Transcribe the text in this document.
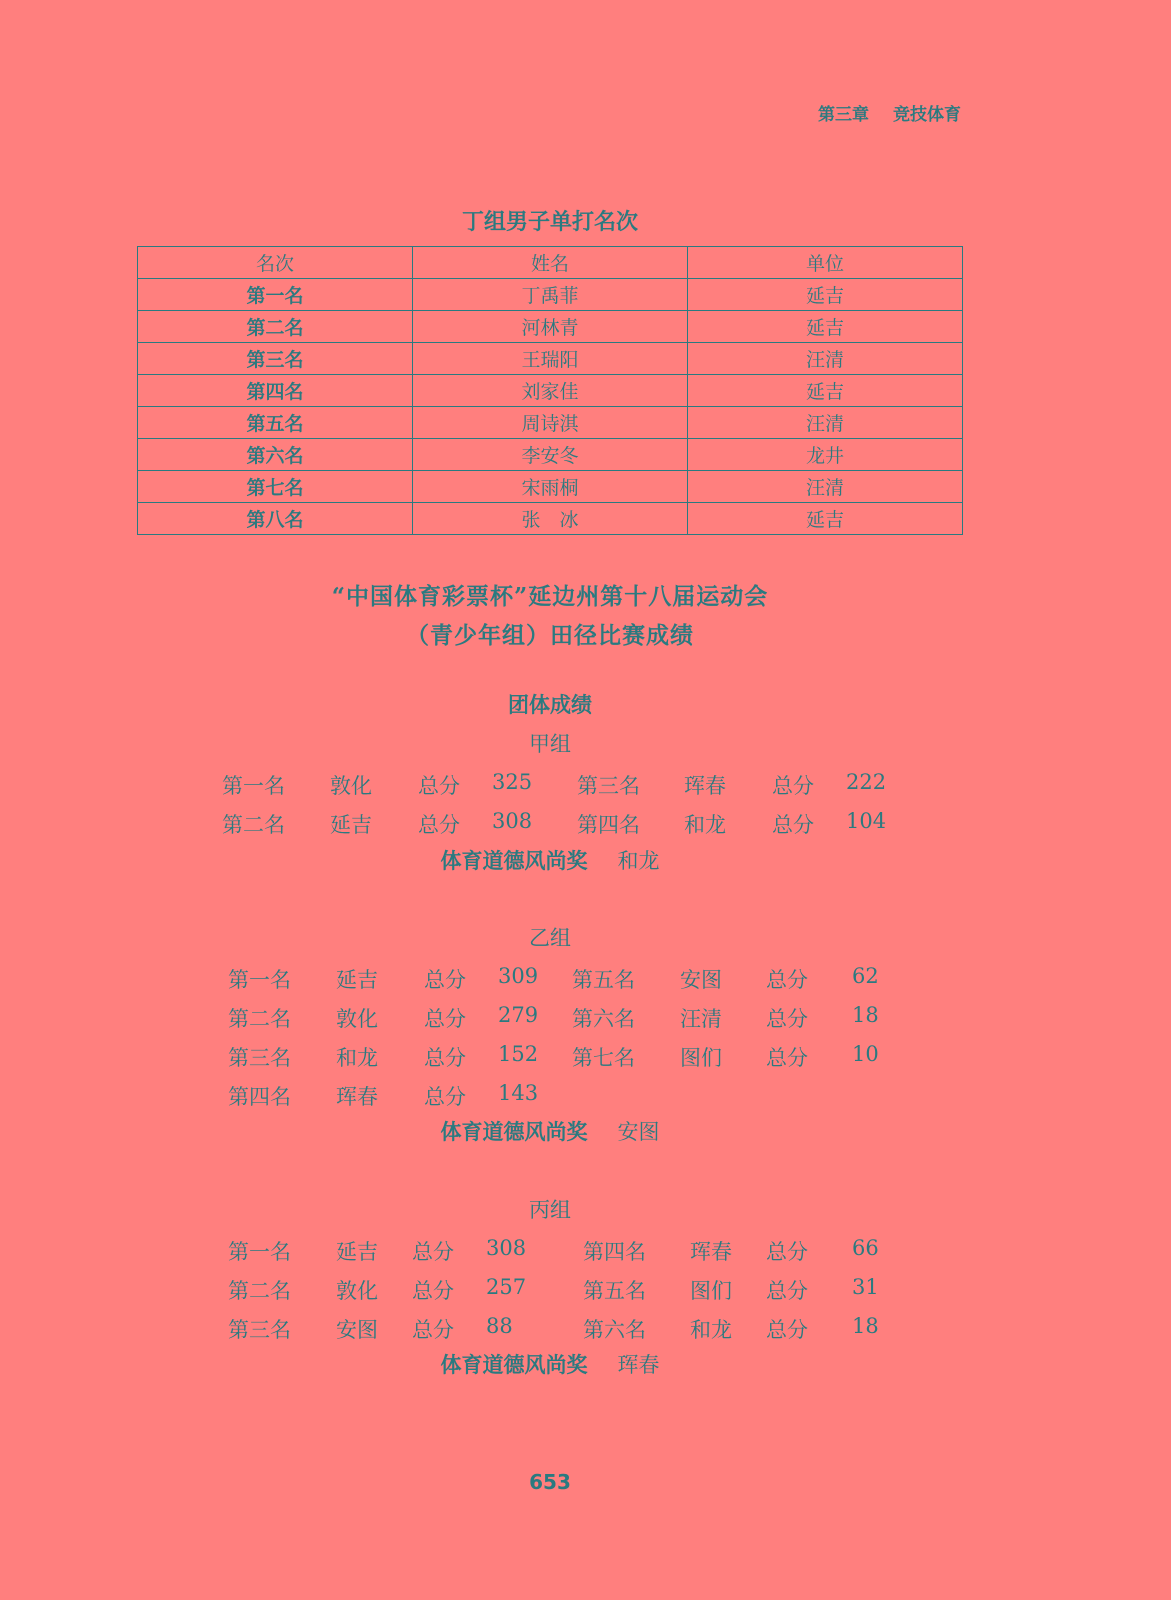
第三章 竞技体育
丁组男子单打名次
名次	姓名	单位
第一名	丁禹菲	延吉
第二名	河林青	延吉
第三名	王瑞阳	汪清
第四名	刘家佳	延吉
第五名	周诗淇	汪清
第六名	李安冬	龙井
第七名	宋雨桐	汪清
第八名	张　冰	延吉
“中国体育彩票杯”延边州第十八届运动会
（青少年组）田径比赛成绩
团体成绩
甲组
第一名 敦化 总分 325
第二名 延吉 总分 308
第三名 珲春 总分 222
第四名 和龙 总分 104
体育道德风尚奖 和龙
乙组
第一名 延吉 总分 309
第二名 敦化 总分 279
第三名 和龙 总分 152
第四名 珲春 总分 143
第五名 安图 总分 62
第六名 汪清 总分 18
第七名 图们 总分 10
体育道德风尚奖 安图
丙组
第一名 延吉 总分 308
第二名 敦化 总分 257
第三名 安图 总分 88
第四名 珲春 总分 66
第五名 图们 总分 31
第六名 和龙 总分 18
体育道德风尚奖 珲春
653
